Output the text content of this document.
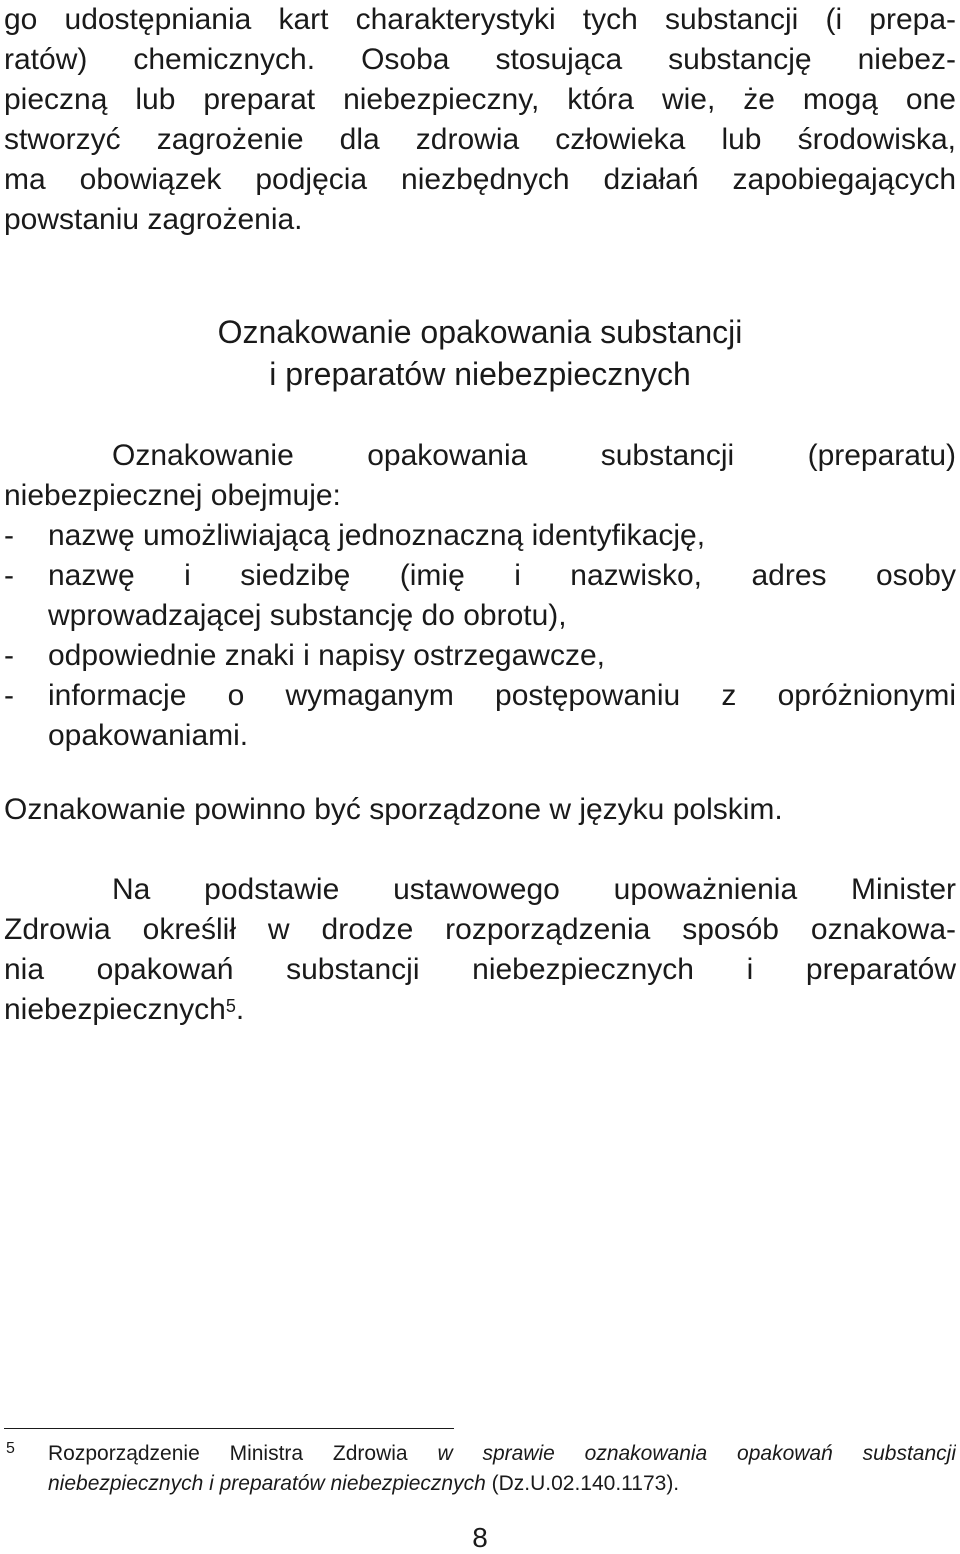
go udostępniania kart charakterystyki tych substancji (i prepa-
ratów) chemicznych. Osoba stosująca substancję niebez-
pieczną lub preparat niebezpieczny, która wie, że mogą one
stworzyć zagrożenie dla zdrowia człowieka lub środowiska,
ma obowiązek podjęcia niezbędnych działań zapobiegających
powstaniu zagrożenia.
Oznakowanie opakowania substancji
i preparatów niebezpiecznych
Oznakowanie opakowania substancji (preparatu)
niebezpiecznej obejmuje:
-	nazwę umożliwiającą jednoznaczną identyfikację,
-	nazwę i siedzibę (imię i nazwisko, adres osoby
wprowadzającej substancję do obrotu),
-	odpowiednie znaki i napisy ostrzegawcze,
-	informacje o wymaganym postępowaniu z opróżnionymi
opakowaniami.
Oznakowanie powinno być sporządzone w języku polskim.
Na podstawie ustawowego upoważnienia Minister
Zdrowia określił w drodze rozporządzenia sposób oznakowa-
nia opakowań substancji niebezpiecznych i preparatów
niebezpiecznych$^5$.
5 Rozporządzenie Ministra Zdrowia w sprawie oznakowania opakowań substancji
niebezpiecznych i preparatów niebezpiecznych (Dz.U.02.140.1173).
8
